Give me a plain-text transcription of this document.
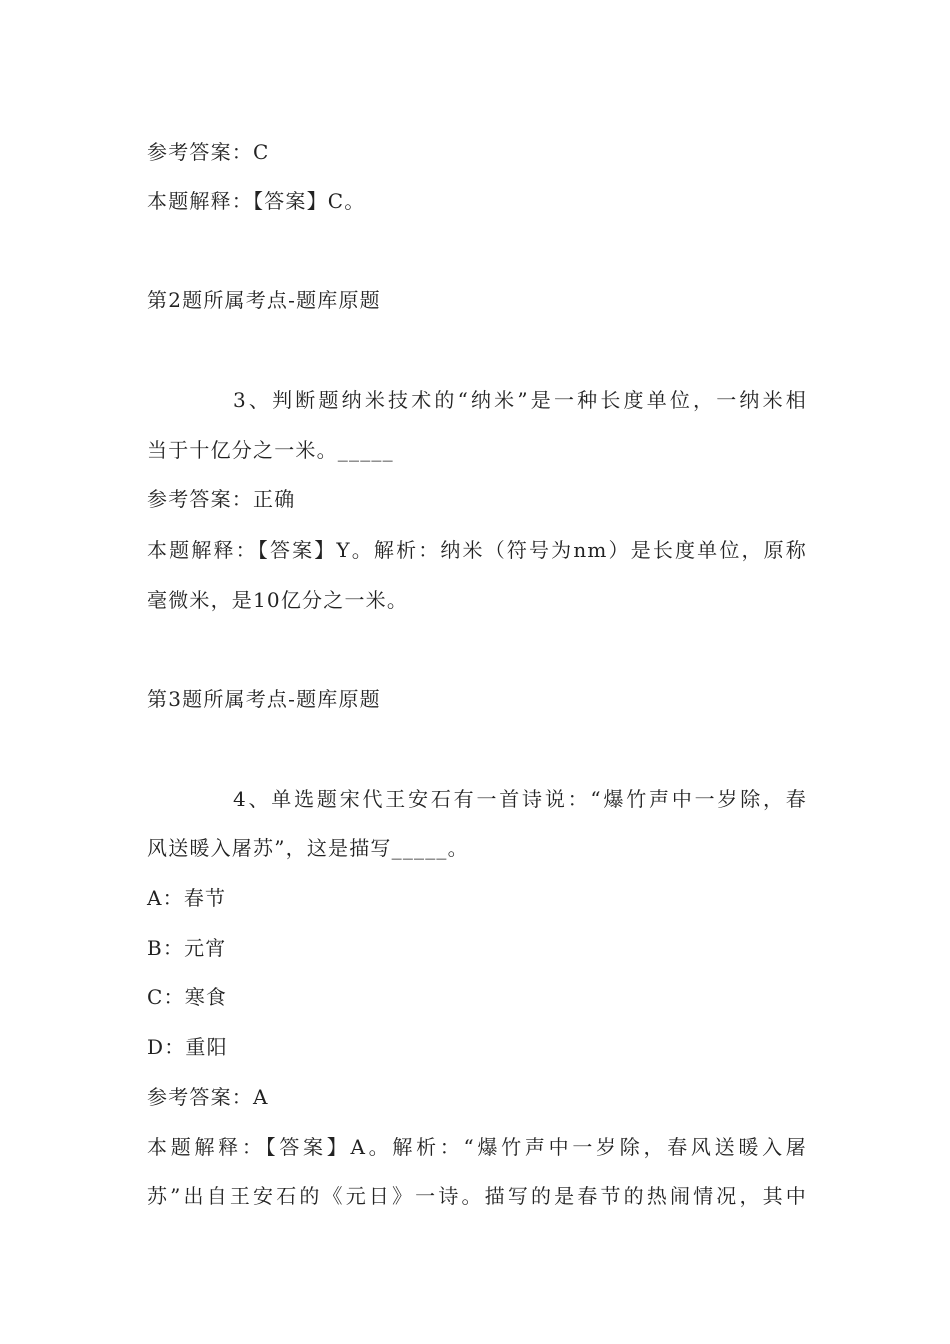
参考答案：C
本题解释：【答案】C。
第2题所属考点-题库原题
3、判断题纳米技术的“纳米”是一种长度单位，一纳米相
当于十亿分之一米。_____
参考答案：正确
本题解释：【答案】Y。解析：纳米（符号为nm）是长度单位，原称
毫微米，是10亿分之一米。
第3题所属考点-题库原题
4、单选题宋代王安石有一首诗说：“爆竹声中一岁除，春
风送暖入屠苏”，这是描写_____。
A：春节
B：元宵
C：寒食
D：重阳
参考答案：A
本题解释：【答案】A。解析：“爆竹声中一岁除，春风送暖入屠
苏”出自王安石的《元日》一诗。描写的是春节的热闹情况，其中
